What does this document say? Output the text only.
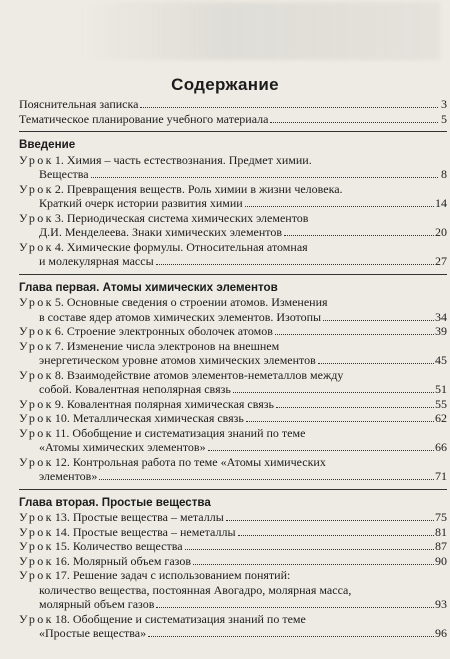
Содержание
Пояснительная записка	3
Тематическое планирование учебного материала	5
Введение
Урок 1. Химия – часть естествознания. Предмет химии.
Вещества	8
Урок 2. Превращения веществ. Роль химии в жизни человека.
Краткий очерк истории развития химии	14
Урок 3. Периодическая система химических элементов
Д.И. Менделеева. Знаки химических элементов	20
Урок 4. Химические формулы. Относительная атомная
и молекулярная массы	27
Глава первая. Атомы химических элементов
Урок 5. Основные сведения о строении атомов. Изменения
в составе ядер атомов химических элементов. Изотопы	34
Урок 6. Строение электронных оболочек атомов	39
Урок 7. Изменение числа электронов на внешнем
энергетическом уровне атомов химических элементов	45
Урок 8. Взаимодействие атомов элементов-неметаллов между
собой. Ковалентная неполярная связь	51
Урок 9. Ковалентная полярная химическая связь	55
Урок 10. Металлическая химическая связь	62
Урок 11. Обобщение и систематизация знаний по теме
«Атомы химических элементов»	66
Урок 12. Контрольная работа по теме «Атомы химических
элементов»	71
Глава вторая. Простые вещества
Урок 13. Простые вещества – металлы	75
Урок 14. Простые вещества – неметаллы	81
Урок 15. Количество вещества	87
Урок 16. Молярный объем газов	90
Урок 17. Решение задач с использованием понятий:
количество вещества, постоянная Авогадро, молярная масса,
молярный объем газов	93
Урок 18. Обобщение и систематизация знаний по теме
«Простые вещества»	96
